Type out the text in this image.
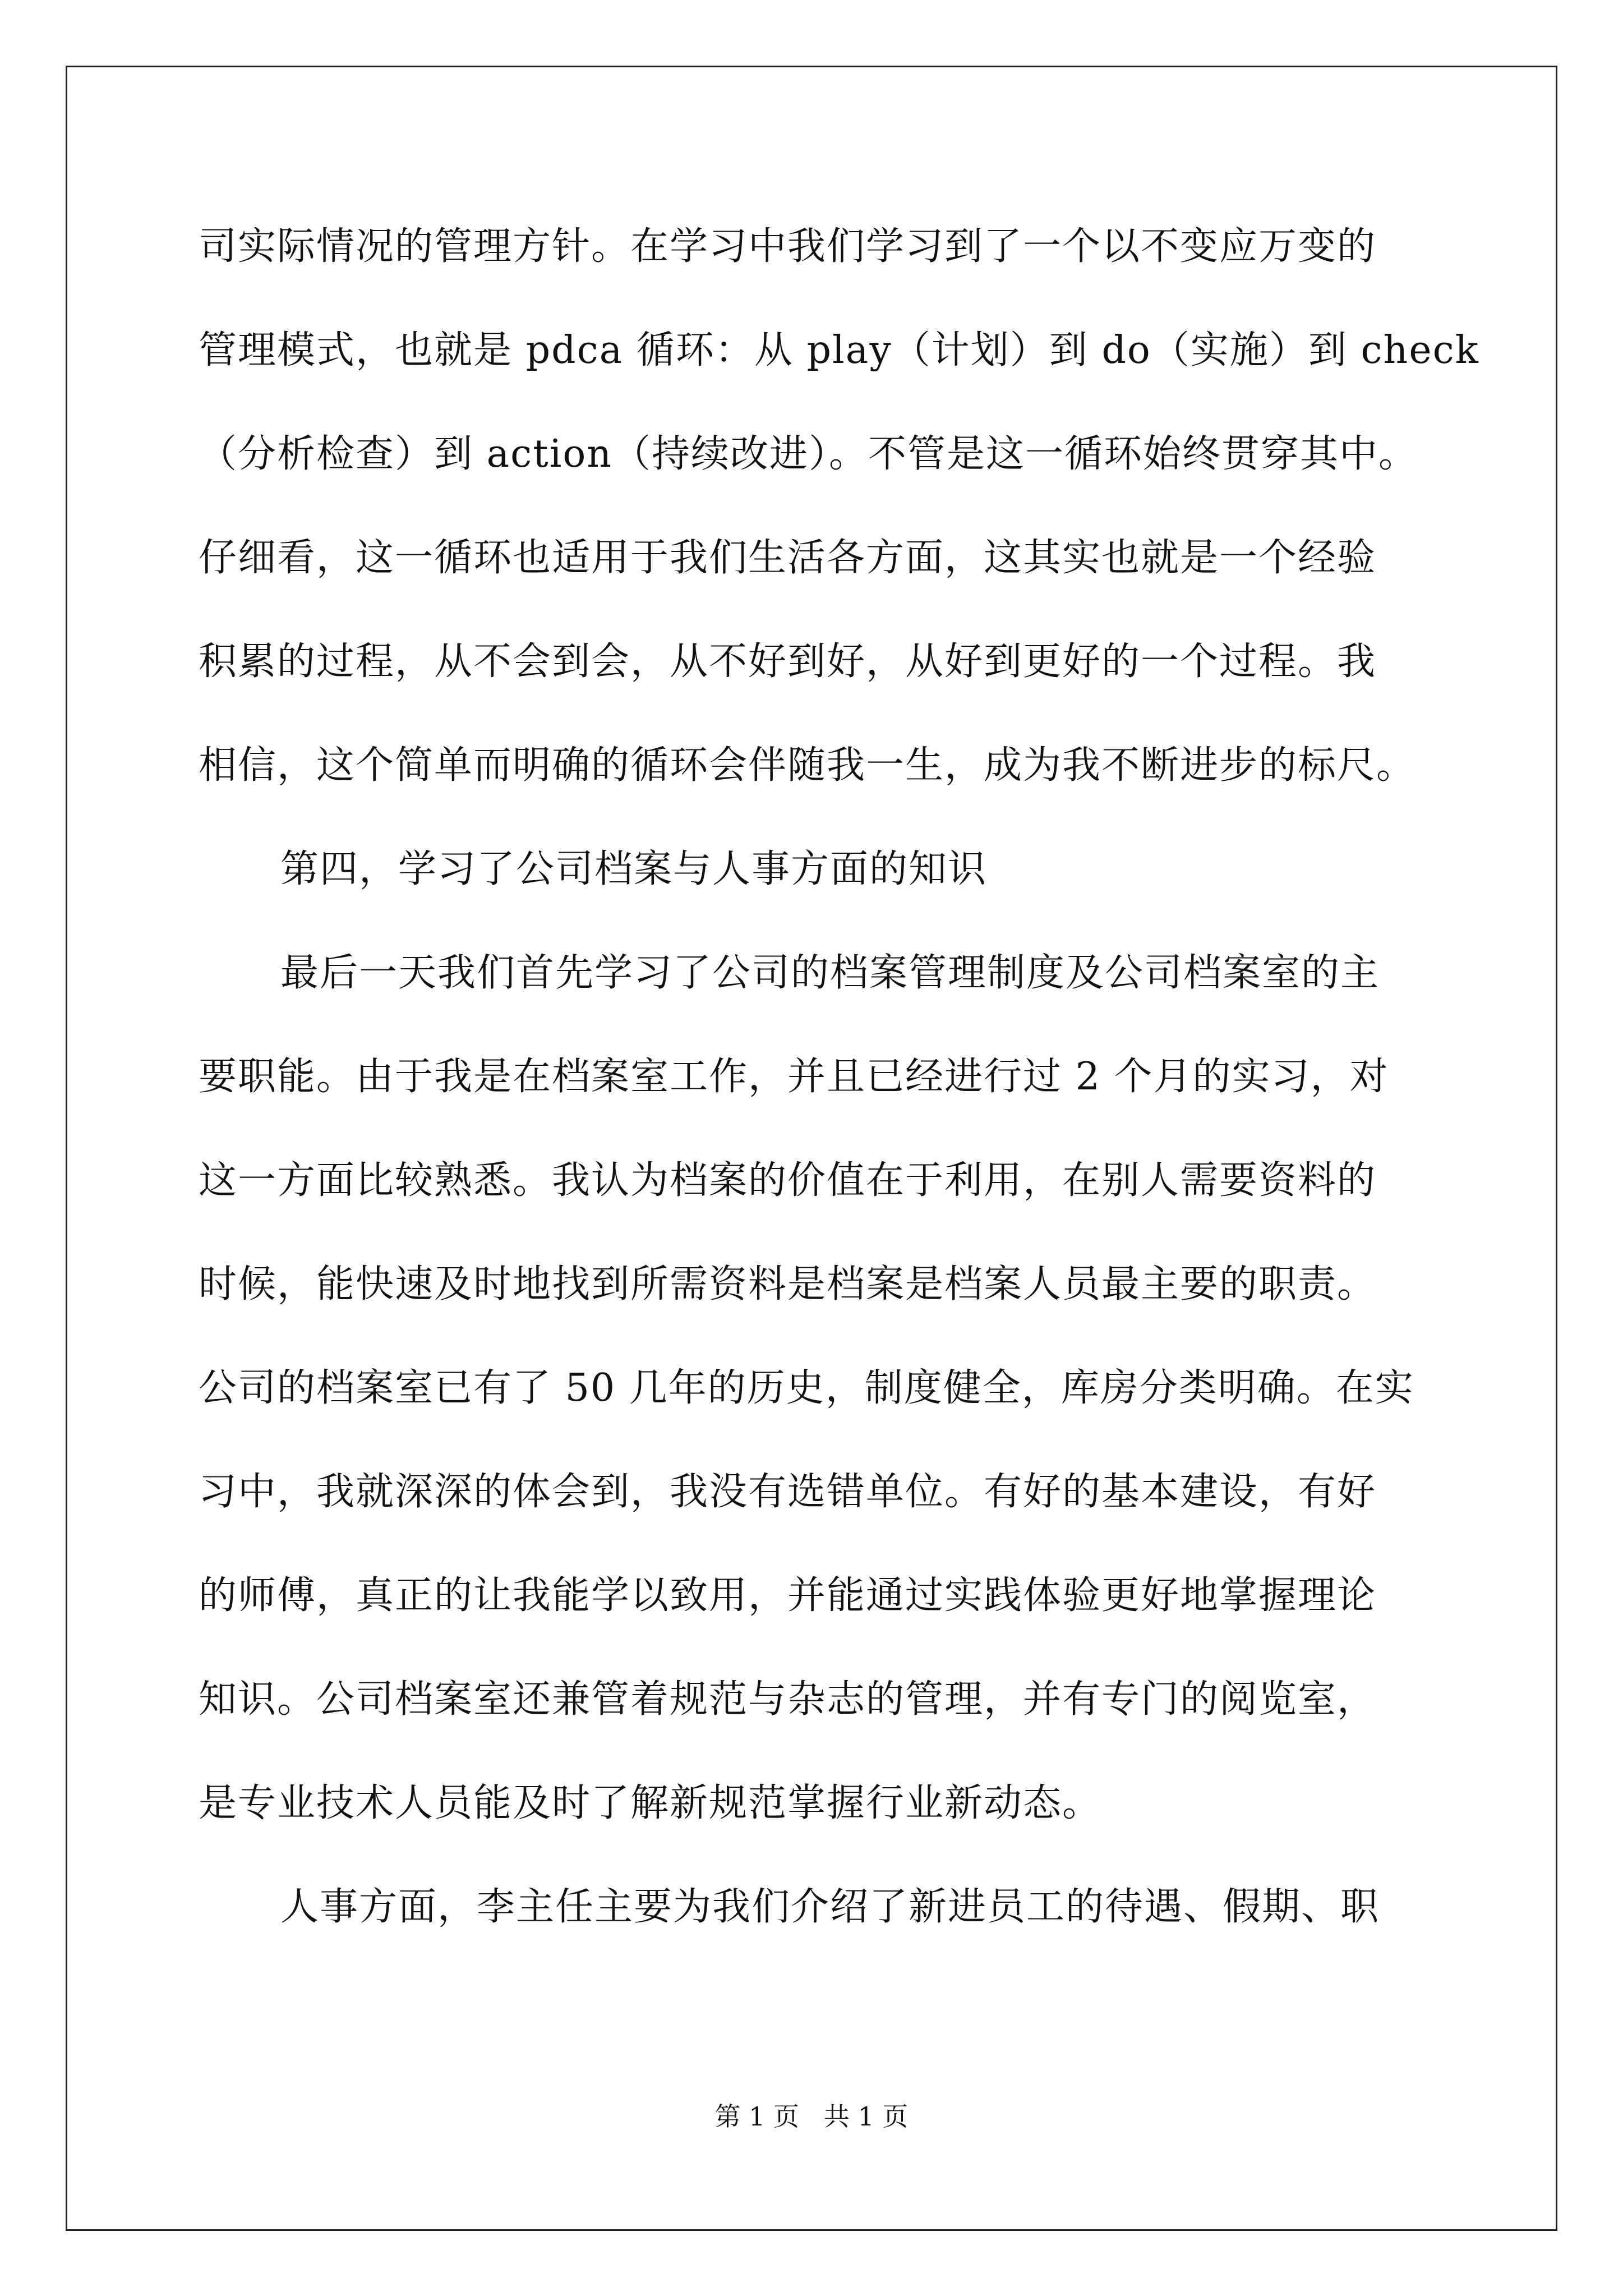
司实际情况的管理方针。在学习中我们学习到了一个以不变应万变的
管理模式，也就是 pdca 循环：从 play（计划）到 do（实施）到 check
（分析检查）到 action（持续改进）。不管是这一循环始终贯穿其中。
仔细看，这一循环也适用于我们生活各方面，这其实也就是一个经验
积累的过程，从不会到会，从不好到好，从好到更好的一个过程。我
相信，这个简单而明确的循环会伴随我一生，成为我不断进步的标尺。
第四，学习了公司档案与人事方面的知识
最后一天我们首先学习了公司的档案管理制度及公司档案室的主
要职能。由于我是在档案室工作，并且已经进行过 2 个月的实习，对
这一方面比较熟悉。我认为档案的价值在于利用，在别人需要资料的
时候，能快速及时地找到所需资料是档案是档案人员最主要的职责。
公司的档案室已有了 50 几年的历史，制度健全，库房分类明确。在实
习中，我就深深的体会到，我没有选错单位。有好的基本建设，有好
的师傅，真正的让我能学以致用，并能通过实践体验更好地掌握理论
知识。公司档案室还兼管着规范与杂志的管理，并有专门的阅览室，
是专业技术人员能及时了解新规范掌握行业新动态。
人事方面，李主任主要为我们介绍了新进员工的待遇、假期、职
第 1 页   共 1 页
